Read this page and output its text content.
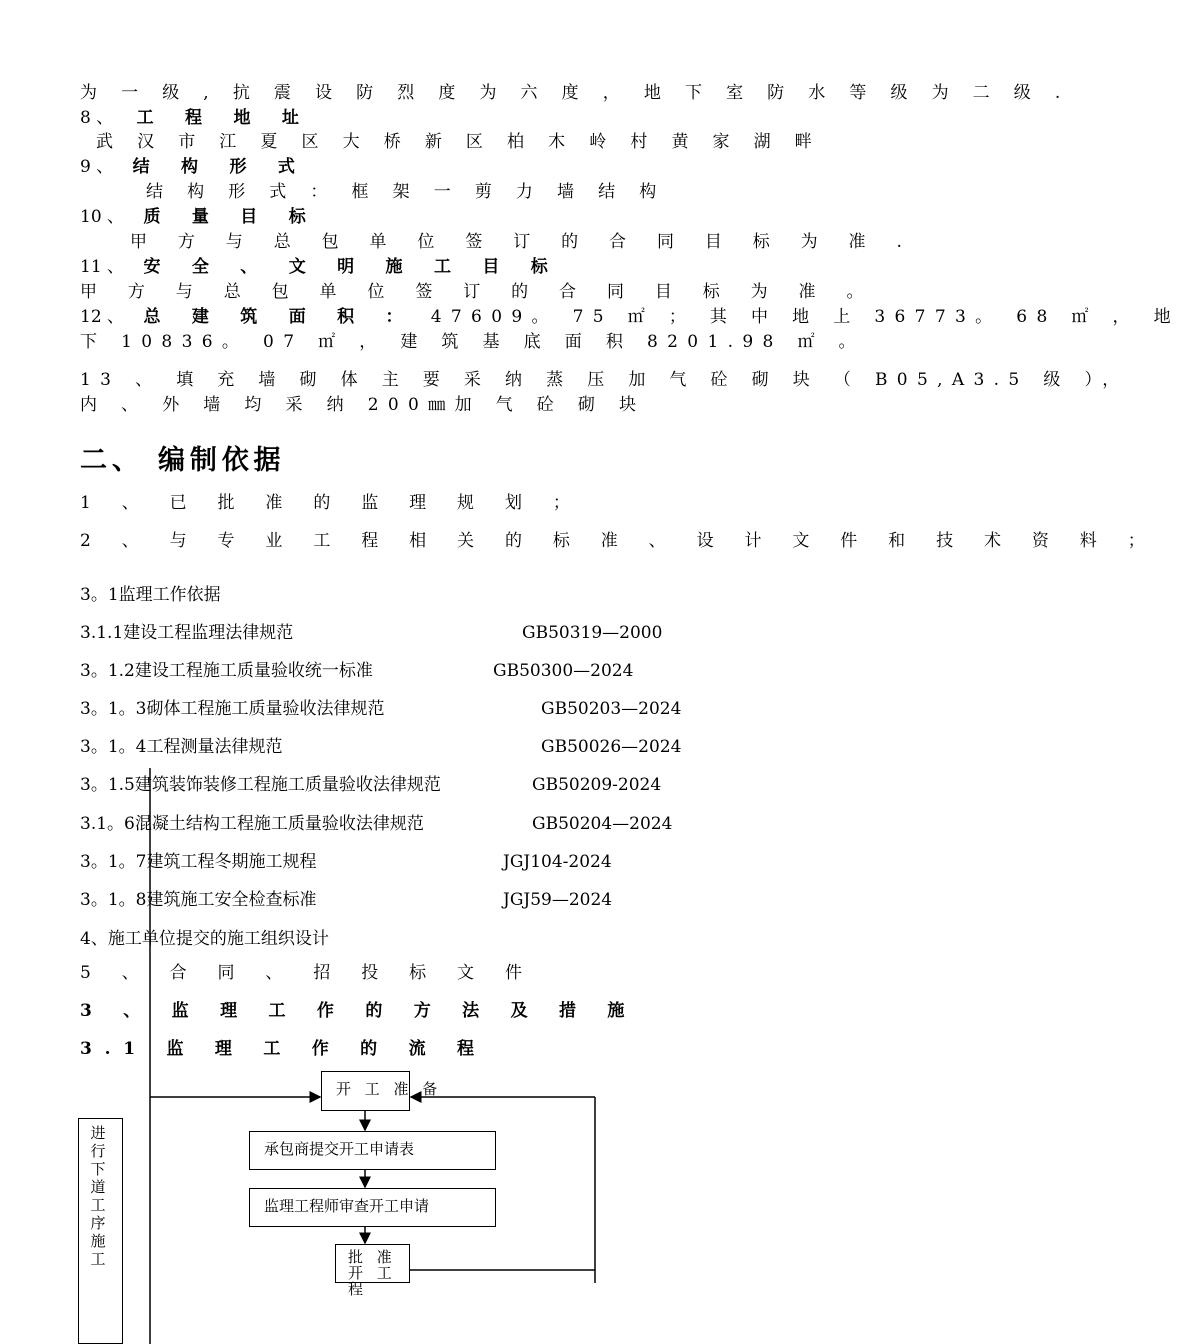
为 一 级 , 抗 震 设 防 烈 度 为 六 度 ， 地 下 室 防 水 等 级 为 二 级 .
8 、 工 程 地 址
武 汉 市 江 夏 区 大 桥 新 区 柏 木 岭 村 黄 家 湖 畔
9 、 结 构 形 式
结 构 形 式 ： 框 架 一 剪 力 墙 结 构
10 、 质 量 目 标
甲 方 与 总 包 单 位 签 订 的 合 同 目 标 为 准 .
11 、 安 全 、 文 明 施 工 目 标
甲 方 与 总 包 单 位 签 订 的 合 同 目 标 为 准 。
12 、 总 建 筑 面 积 ： 47609。 75 ㎡ ； 其 中 地 上 36773。 68 ㎡ ， 地
下 10836。 07 ㎡ ， 建 筑 基 底 面 积 8201.98 ㎡ 。
13 、 填 充 墙 砌 体 主 要 采 纳 蒸 压 加 气 砼 砌 块 （ B05,A3.5 级 ），
内 、 外 墙 均 采 纳 200㎜加 气 砼 砌 块
二、 编制依据
1 、 已 批 准 的 监 理 规 划 ；
2 、 与 专 业 工 程 相 关 的 标 准 、 设 计 文 件 和 技 术 资 料 ；
3。1监理工作依据
3.1.1建设工程监理法律规范	GB50319—2000
3。1.2建设工程施工质量验收统一标准	GB50300—2024
3。1。3砌体工程施工质量验收法律规范	GB50203—2024
3。1。4工程测量法律规范	GB50026—2024
3。1.5建筑装饰装修工程施工质量验收法律规范	GB50209-2024
3.1。6混凝土结构工程施工质量验收法律规范	GB50204—2024
3。1。7建筑工程冬期施工规程	JGJ104-2024
3。1。8建筑施工安全检查标准	JGJ59—2024
4、施工单位提交的施工组织设计
5 、 合 同 、 招 投 标 文 件
3 、 监 理 工 作 的 方 法 及 措 施
3.1 监 理 工 作 的 流 程
开 工 准 备
承包商提交开工申请表
监理工程师审查开工申请
批 准 开 工 程
进行下道工序施工
